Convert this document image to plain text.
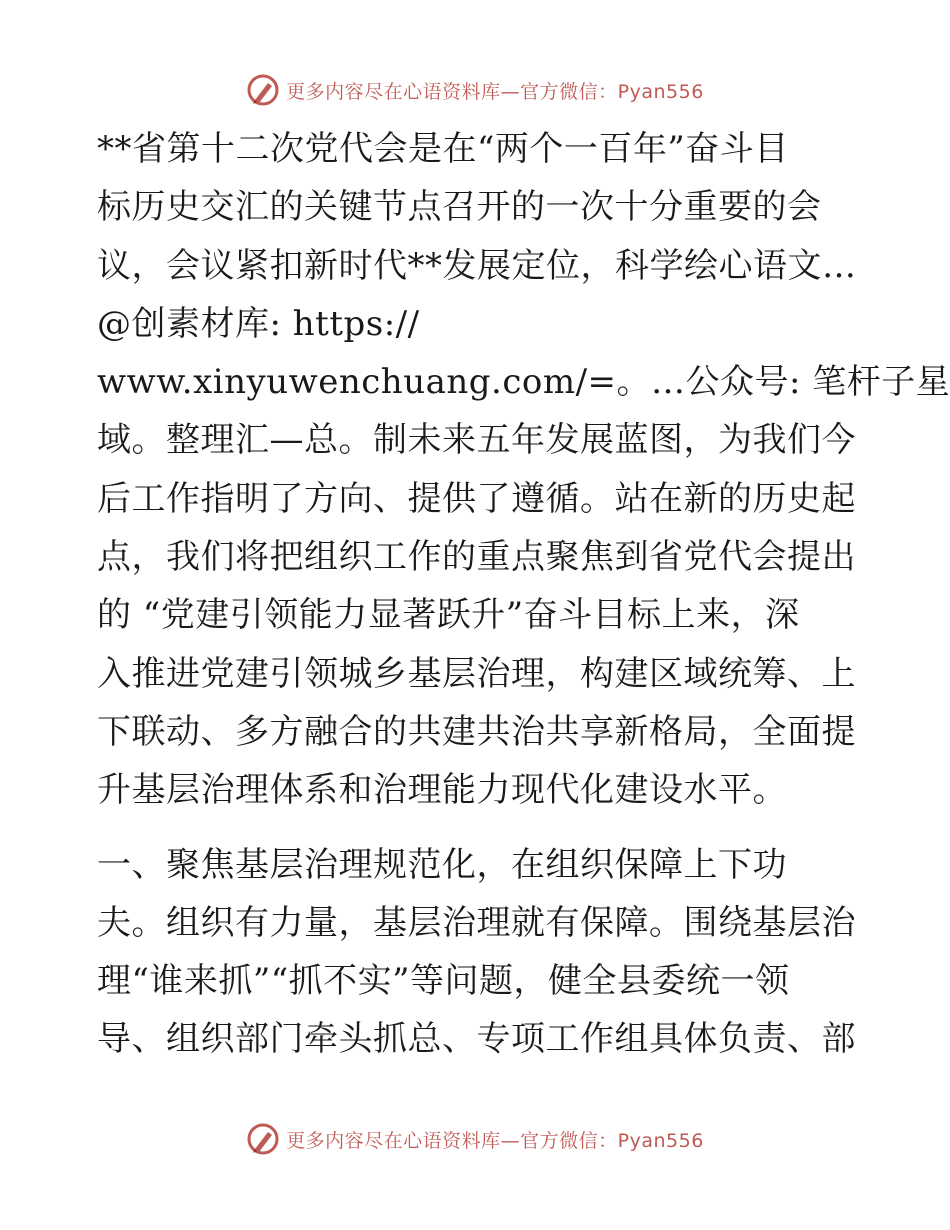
更多内容尽在心语资料库—官方微信：Pyan556
**省第十二次党代会是在“两个一百年”奋斗目
标历史交汇的关键节点召开的一次十分重要的会
议，会议紧扣新时代**发展定位，科学绘心语文…
@创素材库: https://
www.xinyuwenchuang.com/=。…公众号: 笔杆子星
域。整理汇—总。制未来五年发展蓝图，为我们今
后工作指明了方向、提供了遵循。站在新的历史起
点，我们将把组织工作的重点聚焦到省党代会提出
的 “党建引领能力显著跃升”奋斗目标上来，深
入推进党建引领城乡基层治理，构建区域统筹、上
下联动、多方融合的共建共治共享新格局，全面提
升基层治理体系和治理能力现代化建设水平。
一、聚焦基层治理规范化，在组织保障上下功
夫。组织有力量，基层治理就有保障。围绕基层治
理“谁来抓”“抓不实”等问题，健全县委统一领
导、组织部门牵头抓总、专项工作组具体负责、部
更多内容尽在心语资料库—官方微信：Pyan556
